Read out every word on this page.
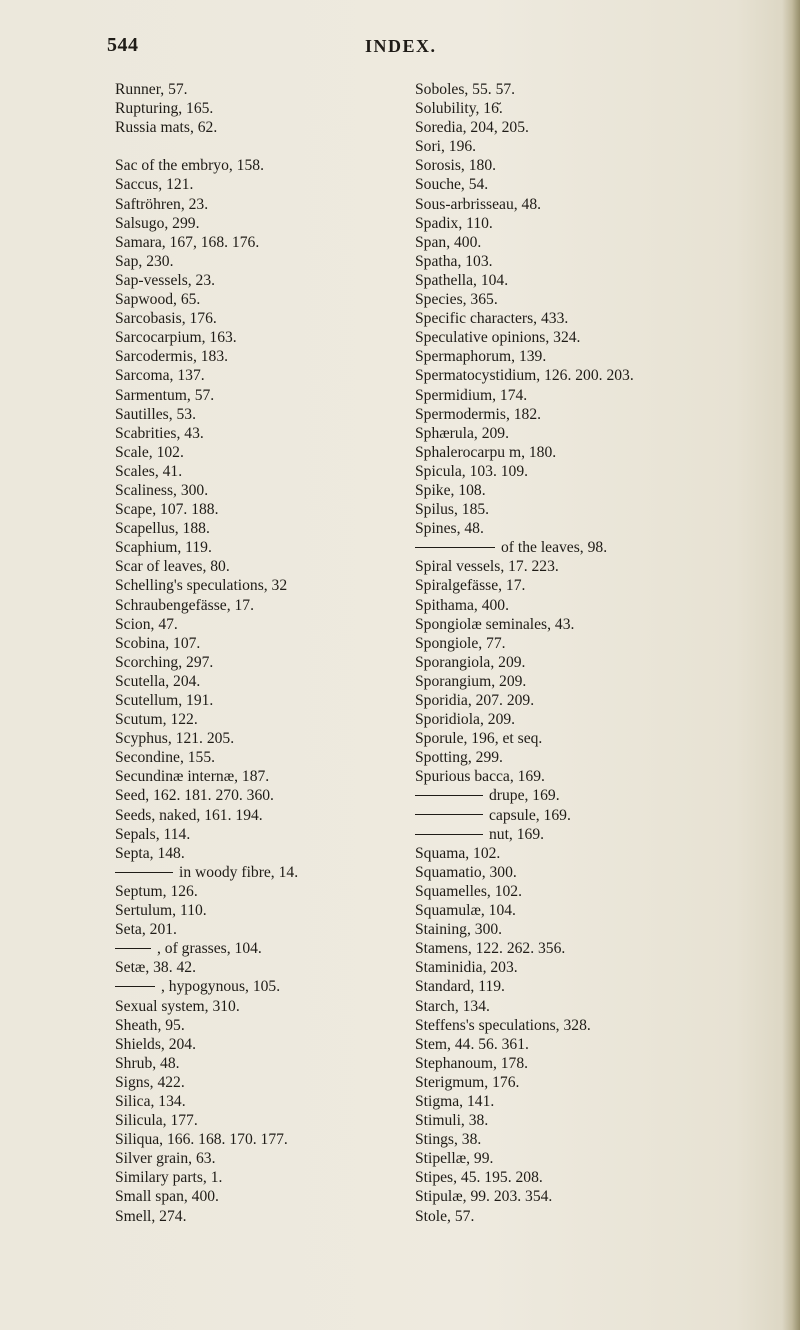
544	INDEX.
Runner, 57.
Rupturing, 165.
Russia mats, 62.
Sac of the embryo, 158.
Saccus, 121.
Saftröhren, 23.
Salsugo, 299.
Samara, 167, 168. 176.
Sap, 230.
Sap-vessels, 23.
Sapwood, 65.
Sarcobasis, 176.
Sarcocarpium, 163.
Sarcodermis, 183.
Sarcoma, 137.
Sarmentum, 57.
Sautilles, 53.
Scabrities, 43.
Scale, 102.
Scales, 41.
Scaliness, 300.
Scape, 107. 188.
Scapellus, 188.
Scaphium, 119.
Scar of leaves, 80.
Schelling's speculations, 32
Schraubengefässe, 17.
Scion, 47.
Scobina, 107.
Scorching, 297.
Scutella, 204.
Scutellum, 191.
Scutum, 122.
Scyphus, 121. 205.
Secondine, 155.
Secundinæ internæ, 187.
Seed, 162. 181. 270. 360.
Seeds, naked, 161. 194.
Sepals, 114.
Septa, 148.
in woody fibre, 14.
Septum, 126.
Sertulum, 110.
Seta, 201.
, of grasses, 104.
Setæ, 38. 42.
, hypogynous, 105.
Sexual system, 310.
Sheath, 95.
Shields, 204.
Shrub, 48.
Signs, 422.
Silica, 134.
Silicula, 177.
Siliqua, 166. 168. 170. 177.
Silver grain, 63.
Similary parts, 1.
Small span, 400.
Smell, 274.
Soboles, 55. 57.
Solubility, 16̆.
Soredia, 204, 205.
Sori, 196.
Sorosis, 180.
Souche, 54.
Sous-arbrisseau, 48.
Spadix, 110.
Span, 400.
Spatha, 103.
Spathella, 104.
Species, 365.
Specific characters, 433.
Speculative opinions, 324.
Spermaphorum, 139.
Spermatocystidium, 126. 200. 203.
Spermidium, 174.
Spermodermis, 182.
Sphærula, 209.
Sphalerocarpu m, 180.
Spicula, 103. 109.
Spike, 108.
Spilus, 185.
Spines, 48.
of the leaves, 98.
Spiral vessels, 17. 223.
Spiralgefässe, 17.
Spithama, 400.
Spongiolæ seminales, 43.
Spongiole, 77.
Sporangiola, 209.
Sporangium, 209.
Sporidia, 207. 209.
Sporidiola, 209.
Sporule, 196, et seq.
Spotting, 299.
Spurious bacca, 169.
drupe, 169.
capsule, 169.
nut, 169.
Squama, 102.
Squamatio, 300.
Squamelles, 102.
Squamulæ, 104.
Staining, 300.
Stamens, 122. 262. 356.
Staminidia, 203.
Standard, 119.
Starch, 134.
Steffens's speculations, 328.
Stem, 44. 56. 361.
Stephanoum, 178.
Sterigmum, 176.
Stigma, 141.
Stimuli, 38.
Stings, 38.
Stipellæ, 99.
Stipes, 45. 195. 208.
Stipulæ, 99. 203. 354.
Stole, 57.
